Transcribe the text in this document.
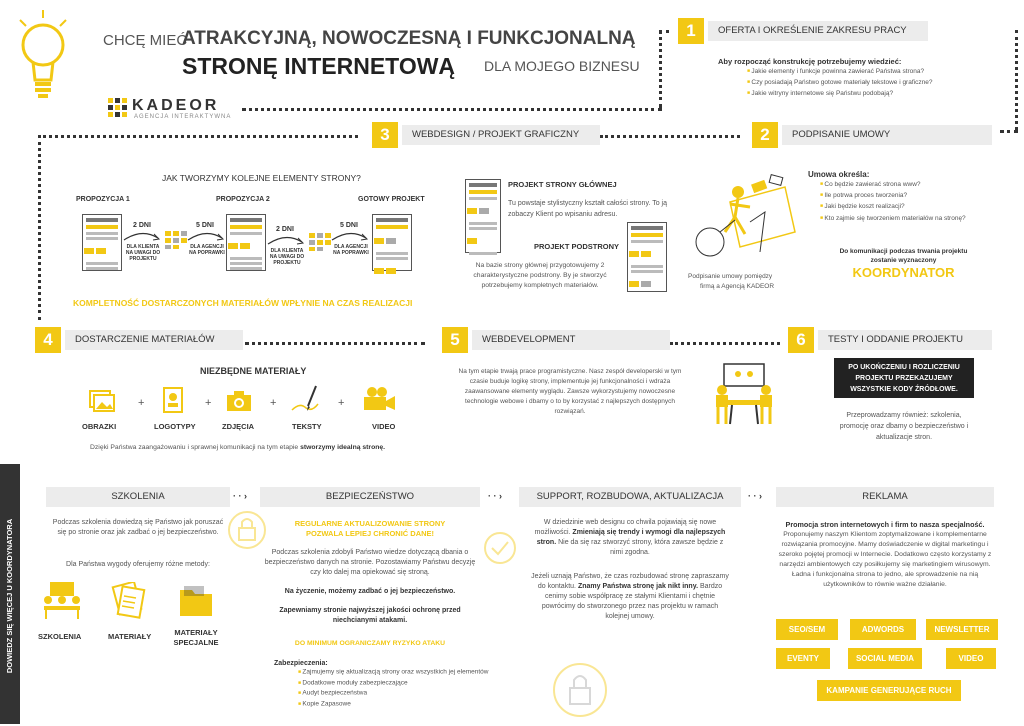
CHCĘ MIEĆ
ATRAKCYJNĄ, NOWOCZESNĄ I FUNKCJONALNĄ
STRONĘ INTERNETOWĄ DLA MOJEGO BIZNESU
KADEOR
AGENCJA INTERAKTYWNA
1	OFERTA I OKREŚLENIE ZAKRESU PRACY
Aby rozpocząć konstrukcję potrzebujemy wiedzieć:
■ Jakie elementy i funkcje powinna zawierać Państwa strona?
■ Czy posiadają Państwo gotowe materiały tekstowe i graficzne?
■ Jakie witryny internetowe się Państwu podobają?
2	PODPISANIE UMOWY
Podpisanie umowy pomiędzy
firmą a Agencją KADEOR
Umowa określa:
■ Co będzie zawierać strona www?
■ Ile potrwa proces tworzenia?
■ Jaki będzie koszt realizacji?
■ Kto zajmie się tworzeniem materiałów na stronę?
Do komunikacji podczas trwania projektu zostanie wyznaczony
KOORDYNATOR
3	WEBDESIGN / PROJEKT GRAFICZNY
JAK TWORZYMY KOLEJNE ELEMENTY STRONY?
PROPOZYCJA 1	PROPOZYCJA 2	GOTOWY PROJEKT
2 DNI
DLA KLIENTA NA UWAGI DO PROJEKTU
5 DNI
DLA AGENCJI NA POPRAWKI
2 DNI
DLA KLIENTA NA UWAGI DO PROJEKTU
5 DNI
DLA AGENCJI NA POPRAWKI
KOMPLETNOŚĆ DOSTARCZONYCH MATERIAŁÓW WPŁYNIE NA CZAS REALIZACJI
PROJEKT STRONY GŁÓWNEJ
Tu powstaje stylistyczny kształt całości strony. To ją zobaczy Klient po wpisaniu adresu.
PROJEKT PODSTRONY
Na bazie strony głównej przygotowujemy 2 charakterystyczne podstrony. By je stworzyć potrzebujemy kompletnych materiałów.
4	DOSTARCZENIE MATERIAŁÓW
NIEZBĘDNE MATERIAŁY
+	+	+	+
OBRAZKI	LOGOTYPY	ZDJĘCIA	TEKSTY	VIDEO
Dzięki Państwa zaangażowaniu i sprawnej komunikacji na tym etapie stworzymy idealną stronę.
5	WEBDEVELOPMENT
Na tym etapie trwają prace programistyczne. Nasz zespół developerski w tym czasie buduje logikę strony, implementuje jej funkcjonalności i wdraża zaawansowane elementy wyglądu. Zawsze wykorzystujemy nowoczesne technologie webowe i dbamy o to by korzystać z najlepszych dostępnych rozwiązań.
6	TESTY I ODDANIE PROJEKTU
PO UKOŃCZENIU I ROZLICZENIU PROJEKTU PRZEKAZUJEMY WSZYSTKIE KODY ŹRÓDŁOWE.
Przeprowadzamy również: szkolenia, promocję oraz dbamy o bezpieczeństwo i aktualizacje stron.
DOWIEDZ SIĘ WIĘCEJ U KOORDYNATORA
SZKOLENIA	· · ›	BEZPIECZEŃSTWO	· · ›	SUPPORT, ROZBUDOWA, AKTUALIZACJA	· · ›	REKLAMA
Podczas szkolenia dowiedzą się Państwo jak poruszać się po stronie oraz jak zadbać o jej bezpieczeństwo.
Dla Państwa wygody oferujemy różne metody:
SZKOLENIA	MATERIAŁY	MATERIAŁY SPECJALNE
REGULARNE AKTUALIZOWANIE STRONY POZWALA LEPIEJ CHRONIĆ DANE!
Podczas szkolenia zdobyli Państwo wiedze dotyczącą dbania o bezpieczeństwo danych na stronie. Pozostawiamy Państwu decyzję czy kto dalej ma opiekować się stroną.
Na życzenie, możemy zadbać o jej bezpieczeństwo.
Zapewniamy stronie najwyższej jakości ochronę przed niechcianymi atakami.
DO MINIMUM OGRANICZAMY RYZYKO ATAKU
Zabezpieczenia:
■ Zajmujemy się aktualizacją strony oraz wszystkich jej elementów
■ Dodatkowe moduły zabezpieczające
■ Audyt bezpieczeństwa
■ Kopie Zapasowe
W dziedzinie web designu co chwila pojawiają się nowe możliwości. Zmieniają się trendy i wymogi dla najlepszych stron. Nie da się raz stworzyć strony, która zawsze będzie z nimi zgodna.
Jeżeli uznają Państwo, że czas rozbudować stronę zapraszamy do kontaktu. Znamy Państwa stronę jak nikt inny. Bardzo cenimy sobie współpracę ze stałymi Klientami i chętnie powrócimy do stworzonego przez nas projektu w ramach kolejnej umowy.
Promocja stron internetowych i firm to nasza specjalność.
Proponujemy naszym Klientom zoptymalizowane i komplementarne rozwiązania promocyjne. Mamy doświadczenie w digital marketingu i szeroko pojętej promocji w Internecie. Dodatkowo często korzystamy z narzędzi ambientowych czy posiłkujemy się marketingiem wirusowym. Ładna i funkcjonalna strona to jedno, ale sprowadzenie na nią użytkowników to równie ważne działanie.
SEO/SEM	ADWORDS	NEWSLETTER
EVENTY	SOCIAL MEDIA	VIDEO
KAMPANIE GENERUJĄCE RUCH
